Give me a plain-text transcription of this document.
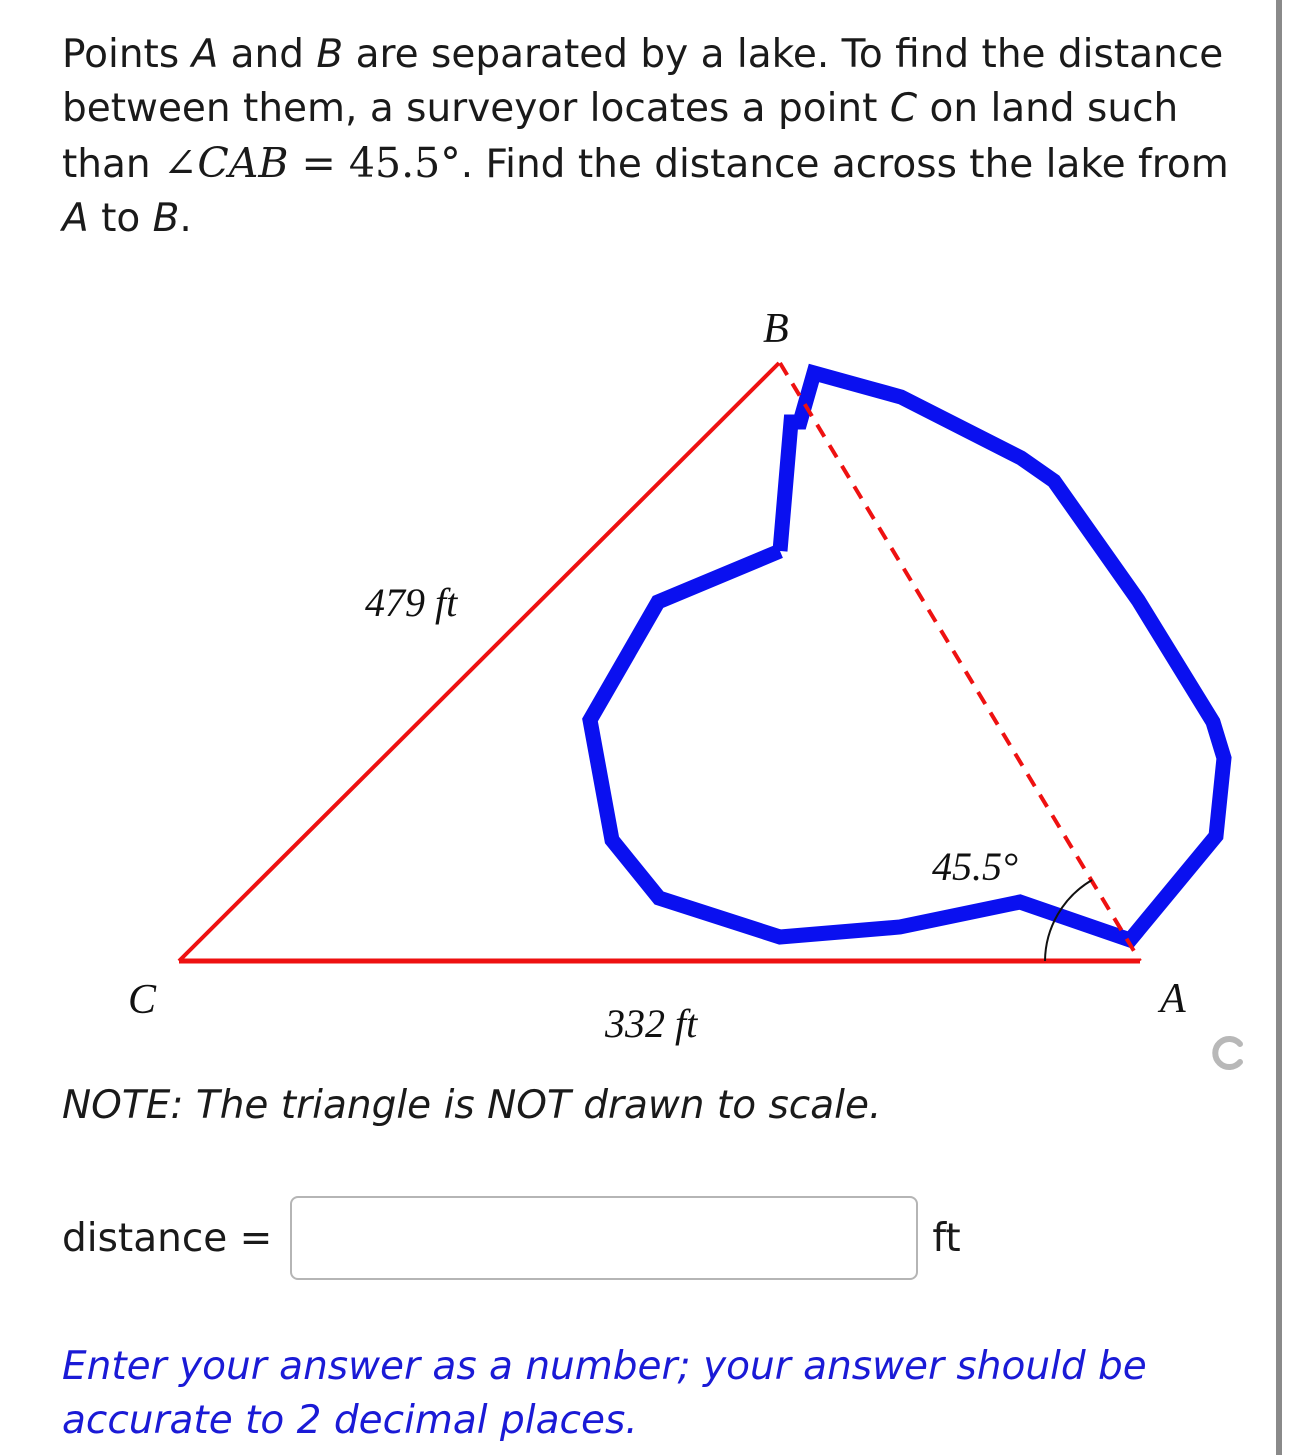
Points A and B are separated by a lake. To find the distance between them, a surveyor locates a point C on land such than ∠CAB = 45.5°. Find the distance across the lake from A to B.

B
C	A
479 ft
332 ft
45.5°

NOTE: The triangle is NOT drawn to scale.

distance =	ft

Enter your answer as a number; your answer should be accurate to 2 decimal places.
